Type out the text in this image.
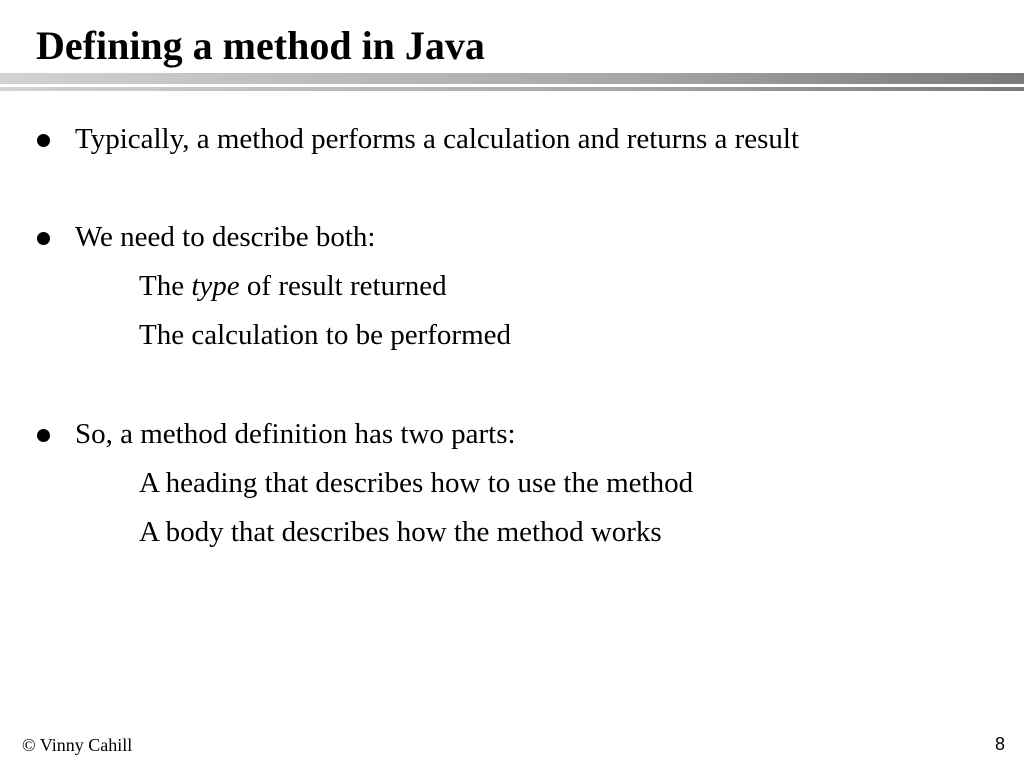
Defining a method in Java
Typically, a method performs a calculation and returns a result
We need to describe both:
The type of result returned
The calculation to be performed
So, a method definition has two parts:
A heading that describes how to use the method
A body that describes how the method works
© Vinny Cahill	8
